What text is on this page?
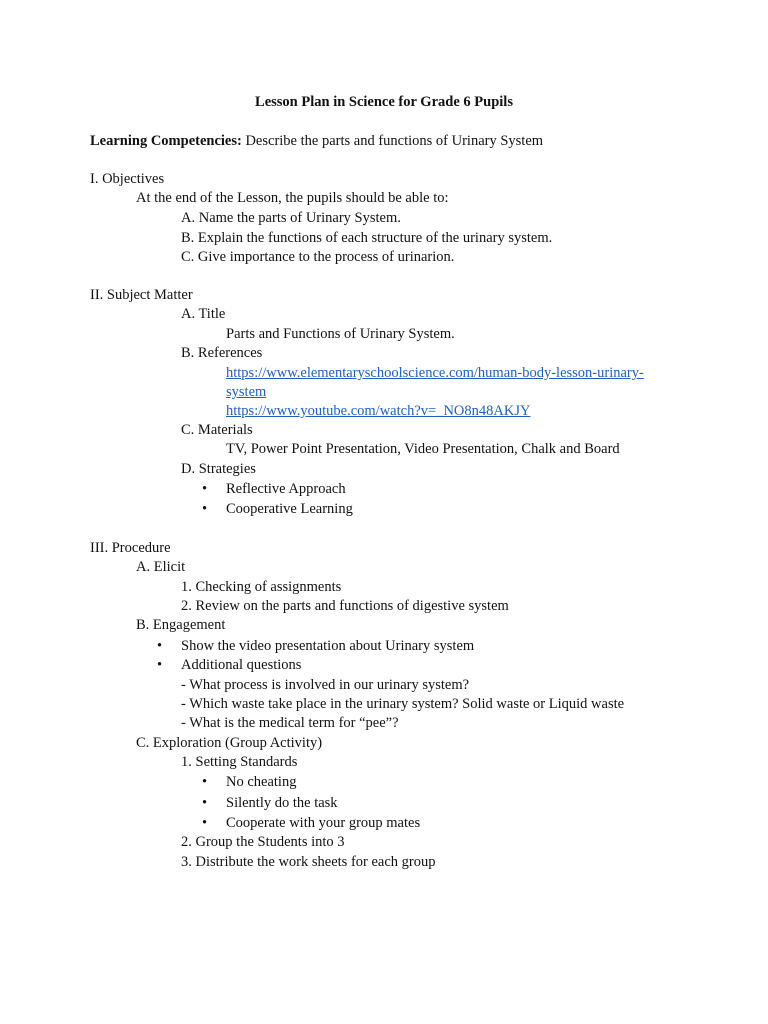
Lesson Plan in Science for Grade 6 Pupils
Learning Competencies: Describe the parts and functions of Urinary System
I. Objectives
At the end of the Lesson, the pupils should be able to:
A. Name the parts of Urinary System.
B. Explain the functions of each structure of the urinary system.
C. Give importance to the process of urinarion.
II. Subject Matter
A. Title
Parts and Functions of Urinary System.
B. References
https://www.elementaryschoolscience.com/human-body-lesson-urinary-
system
https://www.youtube.com/watch?v=_NO8n48AKJY
C. Materials
TV, Power Point Presentation, Video Presentation, Chalk and Board
D. Strategies
• Reflective Approach
• Cooperative Learning
III. Procedure
A. Elicit
1. Checking of assignments
2. Review on the parts and functions of digestive system
B. Engagement
• Show the video presentation about Urinary system
• Additional questions
- What process is involved in our urinary system?
- Which waste take place in the urinary system? Solid waste or Liquid waste
- What is the medical term for “pee”?
C. Exploration (Group Activity)
1. Setting Standards
• No cheating
• Silently do the task
• Cooperate with your group mates
2. Group the Students into 3
3. Distribute the work sheets for each group
